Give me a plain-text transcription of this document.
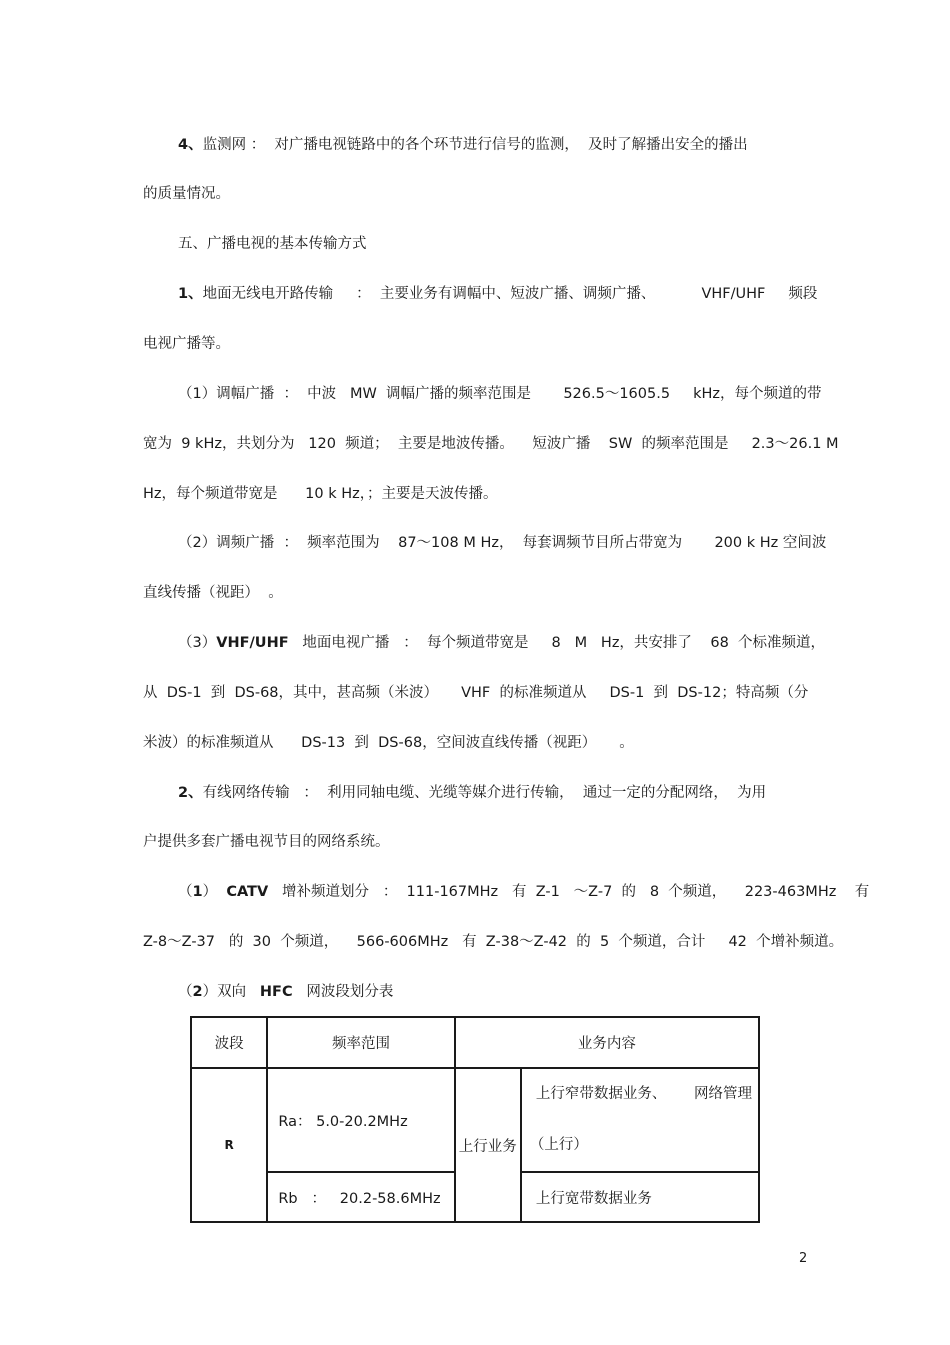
4、监测网 ：  对广播电视链路中的各个环节进行信号的监测，  及时了解播出安全的播出
的质量情况。
五、广播电视的基本传输方式
1、地面无线电开路传输     ：  主要业务有调幅中、短波广播、调频广播、          VHF/UHF     频段
电视广播等。
（1）调幅广播  ：  中波   MW  调幅广播的频率范围是       526.5～1605.5     kHz，每个频道的带
宽为  9 kHz，共划分为   120  频道；  主要是地波传播。    短波广播    SW  的频率范围是     2.3～26.1 M
Hz，每个频道带宽是      10 k Hz，；主要是天波传播。
（2）调频广播  ：  频率范围为    87～108 M Hz，  每套调频节目所占带宽为       200 k Hz 空间波
直线传播（视距）  。
（3）VHF/UHF   地面电视广播   ：  每个频道带宽是     8   M   Hz，共安排了    68  个标准频道，
从  DS-1  到  DS-68，其中，甚高频（米波）     VHF  的标准频道从     DS-1  到  DS-12；特高频（分
米波）的标准频道从      DS-13  到  DS-68，空间波直线传播（视距）     。
2、有线网络传输   ：  利用同轴电缆、光缆等媒介进行传输，  通过一定的分配网络，  为用
户提供多套广播电视节目的网络系统。
（1）  CATV   增补频道划分   ：  111-167MHz   有  Z-1   ～Z-7  的   8  个频道，    223-463MHz    有
Z-8～Z-37   的  30  个频道，    566-606MHz   有  Z-38～Z-42  的  5  个频道，合计     42  个增补频道。
（2）双向   HFC   网波段划分表
波段	频率范围	业务内容	
R	Ra： 5.0-20.2MHz	上行业务	上行窄带数据业务、      网络管理
（上行）

	Rb   ：   20.2-58.6MHz		上行宽带数据业务
2
